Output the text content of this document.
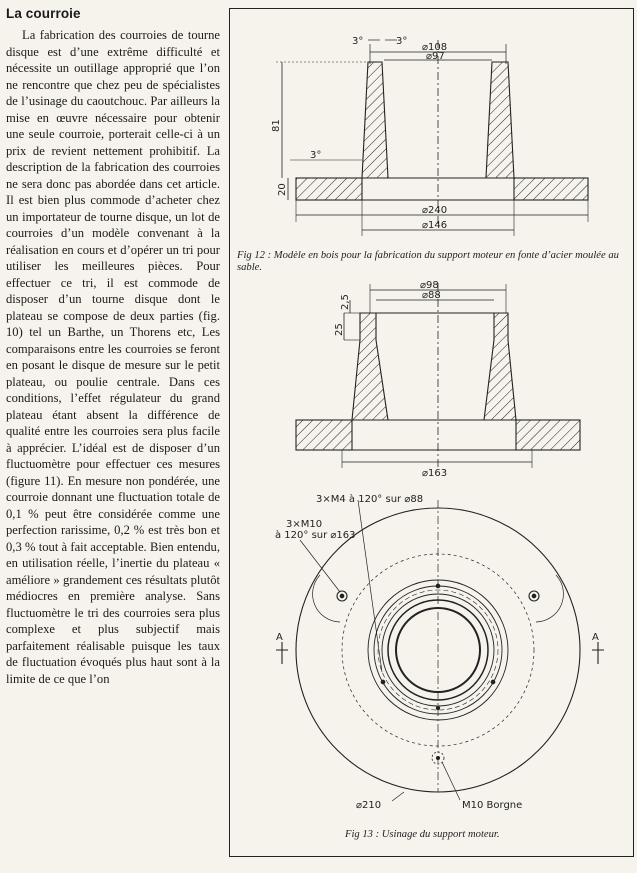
La courroie

La fabrication des courroies de tourne disque est d’une extrême difficulté et nécessite un outillage approprié que l’on ne rencontre que chez peu de spécialistes de l’usinage du caoutchouc. Par ailleurs la mise en œuvre nécessaire pour obtenir une seule courroie, porterait celle-ci à un prix de revient nettement prohibitif. La description de la fabrication des courroies ne sera donc pas abordée dans cet article. Il est bien plus commode d’acheter chez un importateur de tourne disque, un lot de courroies d’un modèle convenant à la réalisation en cours et d’opérer un tri pour utiliser les meilleures pièces. Pour effectuer ce tri, il est commode de disposer d’un tourne disque dont le plateau se compose de deux parties (fig. 10) tel un Barthe, un Thorens etc, Les comparaisons entre les courroies se feront en posant le disque de mesure sur le petit plateau, ou poulie centrale. Dans ces conditions, l’effet régulateur du grand plateau étant absent la différence de qualité entre les courroies sera plus facile à apprécier. L’idéal est de disposer d’un fluctuomètre pour effectuer ces mesures (figure 11). En mesure non pondérée, une courroie donnant une fluctuation totale de 0,1 % peut être considérée comme une perfection rarissime, 0,2 % est très bon et 0,3 % tout à fait acceptable. Bien entendu, en utilisation réelle, l’inertie du plateau « améliore » grandement ces résultats plutôt médiocres en première analyse. Sans fluctuomètre le tri des courroies sera plus complexe et plus subjectif mais parfaitement réalisable puisque les taux de fluctuation évoqués plus haut sont à la limite de ce que l’on

3°	3°
⌀108
⌀97
81
20
3°
⌀240
⌀146
2,5
25
⌀98
⌀88
⌀163
3×M4 à 120° sur ⌀88
3×M10
à 120° sur ⌀163
A	A
⌀210	M10 Borgne
Fig 12 : Modèle en bois pour la fabrication du support moteur en fonte d’acier moulée au sable.
Fig 13 : Usinage du support moteur.
